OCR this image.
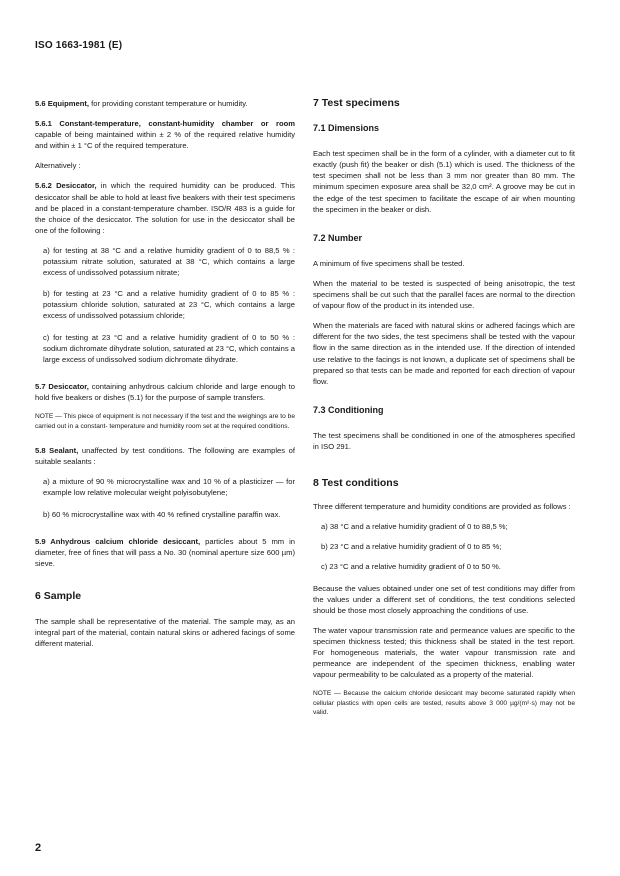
ISO 1663-1981 (E)

5.6 Equipment, for providing constant temperature or humidity.

5.6.1 Constant-temperature, constant-humidity chamber or room capable of being maintained within ± 2 % of the required relative humidity and within ± 1 °C of the required temperature.

Alternatively :

5.6.2 Desiccator, in which the required humidity can be produced. This desiccator shall be able to hold at least five beakers with their test specimens and be placed in a constant-temperature chamber. ISO/R 483 is a guide for the choice of the desiccator. The solution for use in the desiccator shall be one of the following :

a) for testing at 38 °C and a relative humidity gradient of 0 to 88,5 % : potassium nitrate solution, saturated at 38 °C, which contains a large excess of undissolved potassium nitrate;
b) for testing at 23 °C and a relative humidity gradient of 0 to 85 % : potassium chloride solution, saturated at 23 °C, which contains a large excess of undissolved potassium chloride;
c) for testing at 23 °C and a relative humidity gradient of 0 to 50 % : sodium dichromate dihydrate solution, saturated at 23 °C, which contains a large excess of undissolved sodium dichromate dihydrate.

5.7 Desiccator, containing anhydrous calcium chloride and large enough to hold five beakers or dishes (5.1) for the purpose of sample transfers.

NOTE — This piece of equipment is not necessary if the test and the weighings are to be carried out in a constant- temperature and humidity room set at the required conditions.

5.8 Sealant, unaffected by test conditions. The following are examples of suitable sealants :

a) a mixture of 90 % microcrystalline wax and 10 % of a plasticizer — for example low relative molecular weight polyisobutylene;
b) 60 % microcrystalline wax with 40 % refined crystalline paraffin wax.

5.9 Anhydrous calcium chloride desiccant, particles about 5 mm in diameter, free of fines that will pass a No. 30 (nominal aperture size 600 µm) sieve.

6 Sample

The sample shall be representative of the material. The sample may, as an integral part of the material, contain natural skins or adhered facings of some different material.

7 Test specimens
7.1 Dimensions

Each test specimen shall be in the form of a cylinder, with a diameter cut to fit exactly (push fit) the beaker or dish (5.1) which is used. The thickness of the test specimen shall not be less than 3 mm nor greater than 80 mm. The minimum specimen exposure area shall be 32,0 cm². A groove may be cut in the edge of the test specimen to facilitate the escape of air when mounting the specimen in the beaker or dish.

7.2 Number

A minimum of five specimens shall be tested.

When the material to be tested is suspected of being anisotropic, the test specimens shall be cut such that the parallel faces are normal to the direction of vapour flow of the product in its intended use.

When the materials are faced with natural skins or adhered facings which are different for the two sides, the test specimens shall be tested with the vapour flow in the same direction as in the intended use. If the direction of intended use relative to the facings is not known, a duplicate set of specimens shall be prepared so that tests can be made and reported for each direction of vapour flow.

7.3 Conditioning

The test specimens shall be conditioned in one of the atmospheres specified in ISO 291.

8 Test conditions

Three different temperature and humidity conditions are provided as follows :

a) 38 °C and a relative humidity gradient of 0 to 88,5 %;
b) 23 °C and a relative humidity gradient of 0 to 85 %;
c) 23 °C and a relative humidity gradient of 0 to 50 %.

Because the values obtained under one set of test conditions may differ from the values under a different set of conditions, the test conditions selected should be those most closely approaching the conditions of use.

The water vapour transmission rate and permeance values are specific to the specimen thickness tested; this thickness shall be stated in the test report. For homogeneous materials, the water vapour transmission rate and permeance are independent of the specimen thickness, enabling water vapour permeability to be calculated as a property of the material.

NOTE — Because the calcium chloride desiccant may become saturated rapidly when cellular plastics with open cells are tested, results above 3 000 µg/(m²·s) may not be valid.
2
